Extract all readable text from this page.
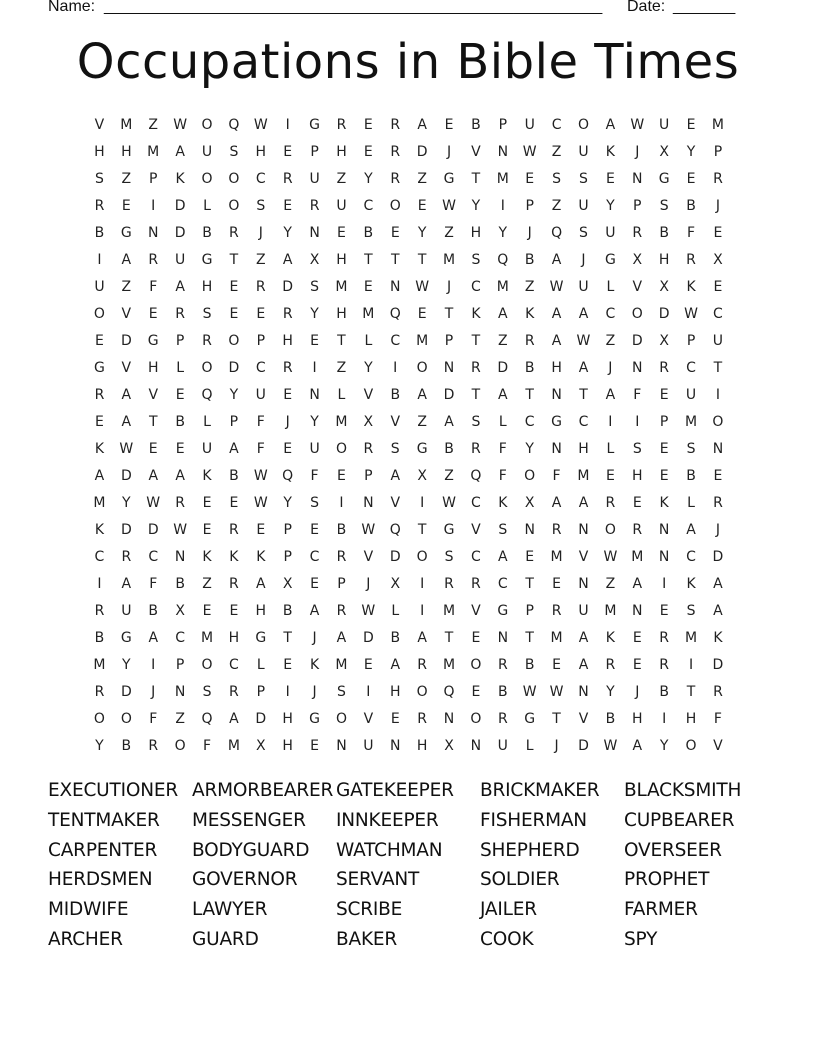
Name: ________________________________________________________ Date: _______
Occupations in Bible Times
V	M	Z	W	O	Q	W	I	G	R	E	R	A	E	B	P	U	C	O	A	W	U	E	M
H	H	M	A	U	S	H	E	P	H	E	R	D	J	V	N	W	Z	U	K	J	X	Y	P
S	Z	P	K	O	O	C	R	U	Z	Y	R	Z	G	T	M	E	S	S	E	N	G	E	R
R	E	I	D	L	O	S	E	R	U	C	O	E	W	Y	I	P	Z	U	Y	P	S	B	J
B	G	N	D	B	R	J	Y	N	E	B	E	Y	Z	H	Y	J	Q	S	U	R	B	F	E
I	A	R	U	G	T	Z	A	X	H	T	T	T	M	S	Q	B	A	J	G	X	H	R	X
U	Z	F	A	H	E	R	D	S	M	E	N	W	J	C	M	Z	W	U	L	V	X	K	E
O	V	E	R	S	E	E	R	Y	H	M	Q	E	T	K	A	K	A	A	C	O	D	W	C
E	D	G	P	R	O	P	H	E	T	L	C	M	P	T	Z	R	A	W	Z	D	X	P	U
G	V	H	L	O	D	C	R	I	Z	Y	I	O	N	R	D	B	H	A	J	N	R	C	T
R	A	V	E	Q	Y	U	E	N	L	V	B	A	D	T	A	T	N	T	A	F	E	U	I
E	A	T	B	L	P	F	J	Y	M	X	V	Z	A	S	L	C	G	C	I	I	P	M	O
K	W	E	E	U	A	F	E	U	O	R	S	G	B	R	F	Y	N	H	L	S	E	S	N
A	D	A	A	K	B	W	Q	F	E	P	A	X	Z	Q	F	O	F	M	E	H	E	B	E
M	Y	W	R	E	E	W	Y	S	I	N	V	I	W	C	K	X	A	A	R	E	K	L	R
K	D	D	W	E	R	E	P	E	B	W	Q	T	G	V	S	N	R	N	O	R	N	A	J
C	R	C	N	K	K	K	P	C	R	V	D	O	S	C	A	E	M	V	W M	N	C	D
I	A	F	B	Z	R	A	X	E	P	J	X	I	R	R	C	T	E	N	Z	A	I	K	A
R	U	B	X	E	E	H	B	A	R	W	L	I	M	V	G	P	R	U	M	N	E	S	A
B	G	A	C	M	H	G	T	J	A	D	B	A	T	E	N	T	M	A	K	E	R	M	K
M	Y	I	P	O	C	L	E	K	M	E	A	R	M	O	R	B	E	A	R	E	R	I	D
R	D	J	N	S	R	P	I	J	S	I	H	O	Q	E	B	W W	N	Y	J	B	T	R
O	O	F	Z	Q	A	D	H	G	O	V	E	R	N	O	R	G	T	V	B	H	I	H	F
Y	B	R	O	F	M	X	H	E	N	U	N	H	X	N	U	L	J	D	W	A	Y	O	V
EXECUTIONER ARMORBEARER GATEKEEPER	BRICKMAKER	BLACKSMITH
TENTMAKER	MESSENGER	INNKEEPER	FISHERMAN	CUPBEARER
CARPENTER	BODYGUARD	WATCHMAN	SHEPHERD	OVERSEER
HERDSMEN	GOVERNOR	SERVANT	SOLDIER	PROPHET
MIDWIFE	LAWYER	SCRIBE	JAILER	FARMER
ARCHER	GUARD	BAKER	COOK	SPY
